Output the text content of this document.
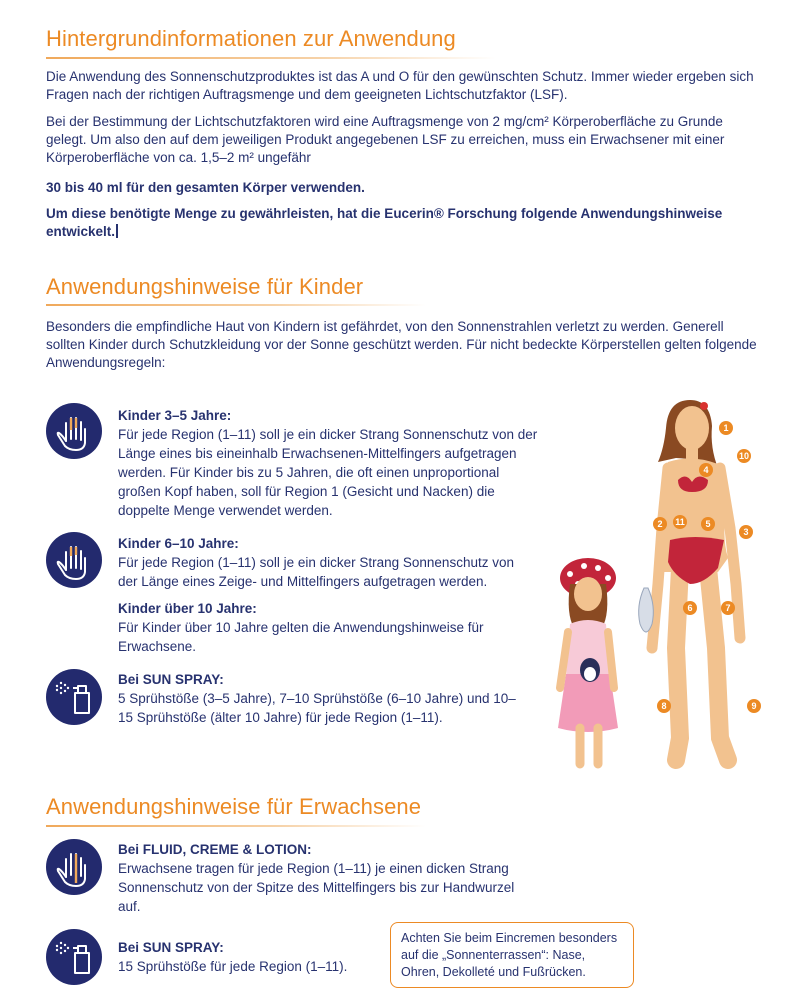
Hintergrundinformationen zur Anwendung

Die Anwendung des Sonnenschutzproduktes ist das A und O für den gewünschten Schutz. Immer wieder ergeben sich Fragen nach der richtigen Auftragsmenge und dem geeigneten Lichtschutzfaktor (LSF).

Bei der Bestimmung der Lichtschutzfaktoren wird eine Auftragsmenge von 2 mg/cm² Körperoberfläche zu Grunde gelegt. Um also den auf dem jeweiligen Produkt angegebenen LSF zu erreichen, muss ein Erwachsener mit einer Körperoberfläche von ca. 1,5–2 m² ungefähr

30 bis 40 ml für den gesamten Körper verwenden.

Um diese benötigte Menge zu gewährleisten, hat die Eucerin® Forschung folgende Anwendungshinweise entwickelt.

Anwendungshinweise für Kinder

Besonders die empfindliche Haut von Kindern ist gefährdet, von den Sonnenstrahlen verletzt zu werden. Generell sollten Kinder durch Schutzkleidung vor der Sonne geschützt werden. Für nicht bedeckte Körperstellen gelten folgende Anwendungsregeln:

Kinder 3–5 Jahre:
Für jede Region (1–11) soll je ein dicker Strang Sonnenschutz von der Länge eines bis eineinhalb Erwachsenen-Mittelfingers aufgetragen werden. Für Kinder bis zu 5 Jahren, die oft einen unproportional großen Kopf haben, soll für Region 1 (Gesicht und Nacken) die doppelte Menge verwendet werden.
Kinder 6–10 Jahre:
Für jede Region (1–11) soll je ein dicker Strang Sonnenschutz von der Länge eines Zeige- und Mittelfingers aufgetragen werden.
Kinder über 10 Jahre:
Für Kinder über 10 Jahre gelten die Anwendungshinweise für Erwachsene.
Bei SUN SPRAY:
5 Sprühstöße (3–5 Jahre), 7–10 Sprühstöße (6–10 Jahre) und 10–15 Sprühstöße (älter 10 Jahre) für jede Region (1–11).
1
2
3
4
5
6	7
8	9
10
11
Anwendungshinweise für Erwachsene
Bei FLUID, CREME & LOTION:
Erwachsene tragen für jede Region (1–11) je einen dicken Strang Sonnenschutz von der Spitze des Mittelfingers bis zur Handwurzel auf.
Bei SUN SPRAY:
15 Sprühstöße für jede Region (1–11).
Achten Sie beim Eincremen besonders auf die „Sonnenterrassen“: Nase, Ohren, Dekolleté und Fußrücken.
